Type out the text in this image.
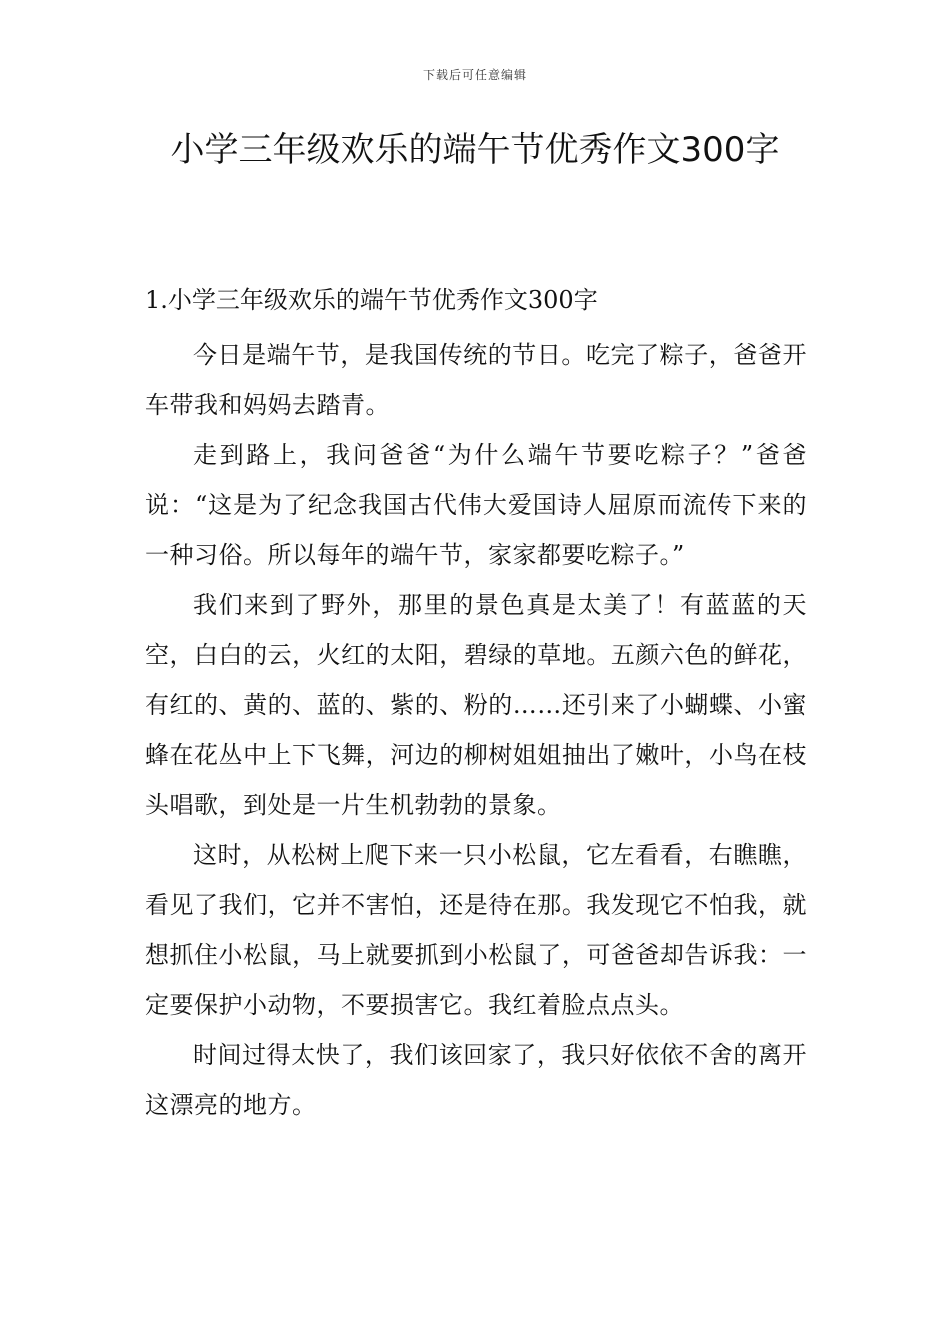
下载后可任意编辑
小学三年级欢乐的端午节优秀作文300字

1.小学三年级欢乐的端午节优秀作文300字

今日是端午节，是我国传统的节日。吃完了粽子，爸爸开车带我和妈妈去踏青。

走到路上，我问爸爸“为什么端午节要吃粽子？”爸爸说：“这是为了纪念我国古代伟大爱国诗人屈原而流传下来的一种习俗。所以每年的端午节，家家都要吃粽子。”

我们来到了野外，那里的景色真是太美了！有蓝蓝的天空，白白的云，火红的太阳，碧绿的草地。五颜六色的鲜花，有红的、黄的、蓝的、紫的、粉的……还引来了小蝴蝶、小蜜蜂在花丛中上下飞舞，河边的柳树姐姐抽出了嫩叶，小鸟在枝头唱歌，到处是一片生机勃勃的景象。

这时，从松树上爬下来一只小松鼠，它左看看，右瞧瞧，看见了我们，它并不害怕，还是待在那。我发现它不怕我，就想抓住小松鼠，马上就要抓到小松鼠了，可爸爸却告诉我：一定要保护小动物，不要损害它。我红着脸点点头。

时间过得太快了，我们该回家了，我只好依依不舍的离开这漂亮的地方。
